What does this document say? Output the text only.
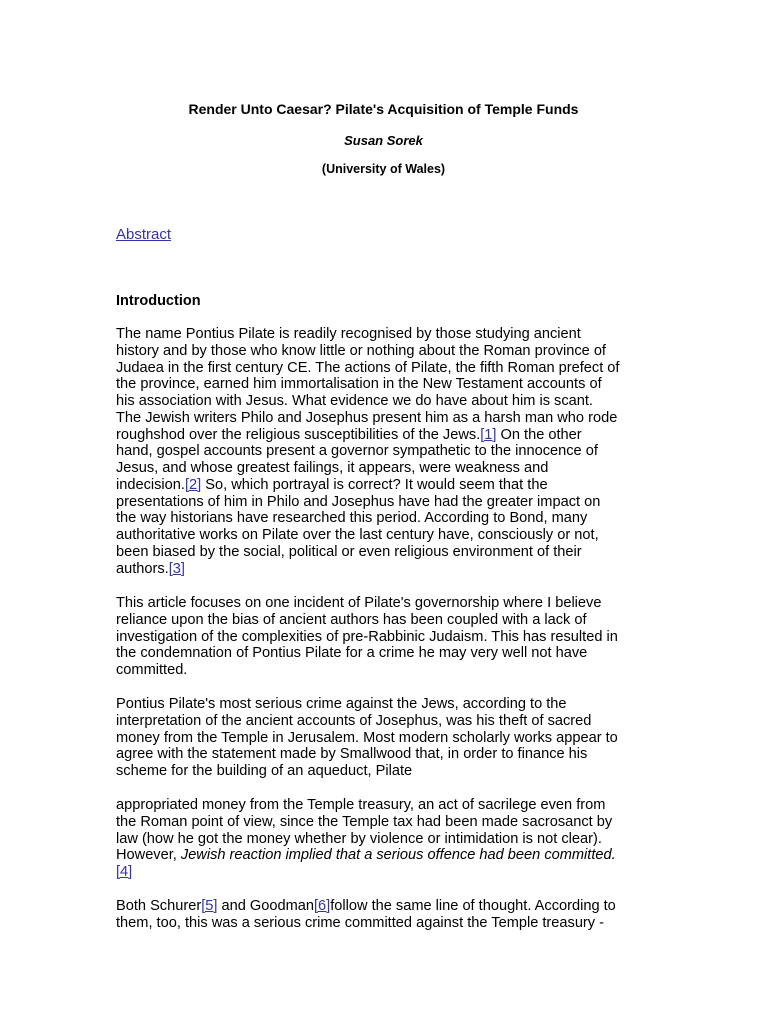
Render Unto Caesar? Pilate's Acquisition of Temple Funds
Susan Sorek
(University of Wales)
Abstract
Introduction
The name Pontius Pilate is readily recognised by those studying ancient
history and by those who know little or nothing about the Roman province of
Judaea in the first century CE. The actions of Pilate, the fifth Roman prefect of
the province, earned him immortalisation in the New Testament accounts of
his association with Jesus. What evidence we do have about him is scant.
The Jewish writers Philo and Josephus present him as a harsh man who rode
roughshod over the religious susceptibilities of the Jews.[1] On the other
hand, gospel accounts present a governor sympathetic to the innocence of
Jesus, and whose greatest failings, it appears, were weakness and
indecision.[2] So, which portrayal is correct? It would seem that the
presentations of him in Philo and Josephus have had the greater impact on
the way historians have researched this period. According to Bond, many
authoritative works on Pilate over the last century have, consciously or not,
been biased by the social, political or even religious environment of their
authors.[3]
This article focuses on one incident of Pilate's governorship where I believe
reliance upon the bias of ancient authors has been coupled with a lack of
investigation of the complexities of pre-Rabbinic Judaism. This has resulted in
the condemnation of Pontius Pilate for a crime he may very well not have
committed.
Pontius Pilate's most serious crime against the Jews, according to the
interpretation of the ancient accounts of Josephus, was his theft of sacred
money from the Temple in Jerusalem. Most modern scholarly works appear to
agree with the statement made by Smallwood that, in order to finance his
scheme for the building of an aqueduct, Pilate
appropriated money from the Temple treasury, an act of sacrilege even from
the Roman point of view, since the Temple tax had been made sacrosanct by
law (how he got the money whether by violence or intimidation is not clear).
However, Jewish reaction implied that a serious offence had been committed.
[4]
Both Schurer[5] and Goodman[6]follow the same line of thought. According to
them, too, this was a serious crime committed against the Temple treasury -
